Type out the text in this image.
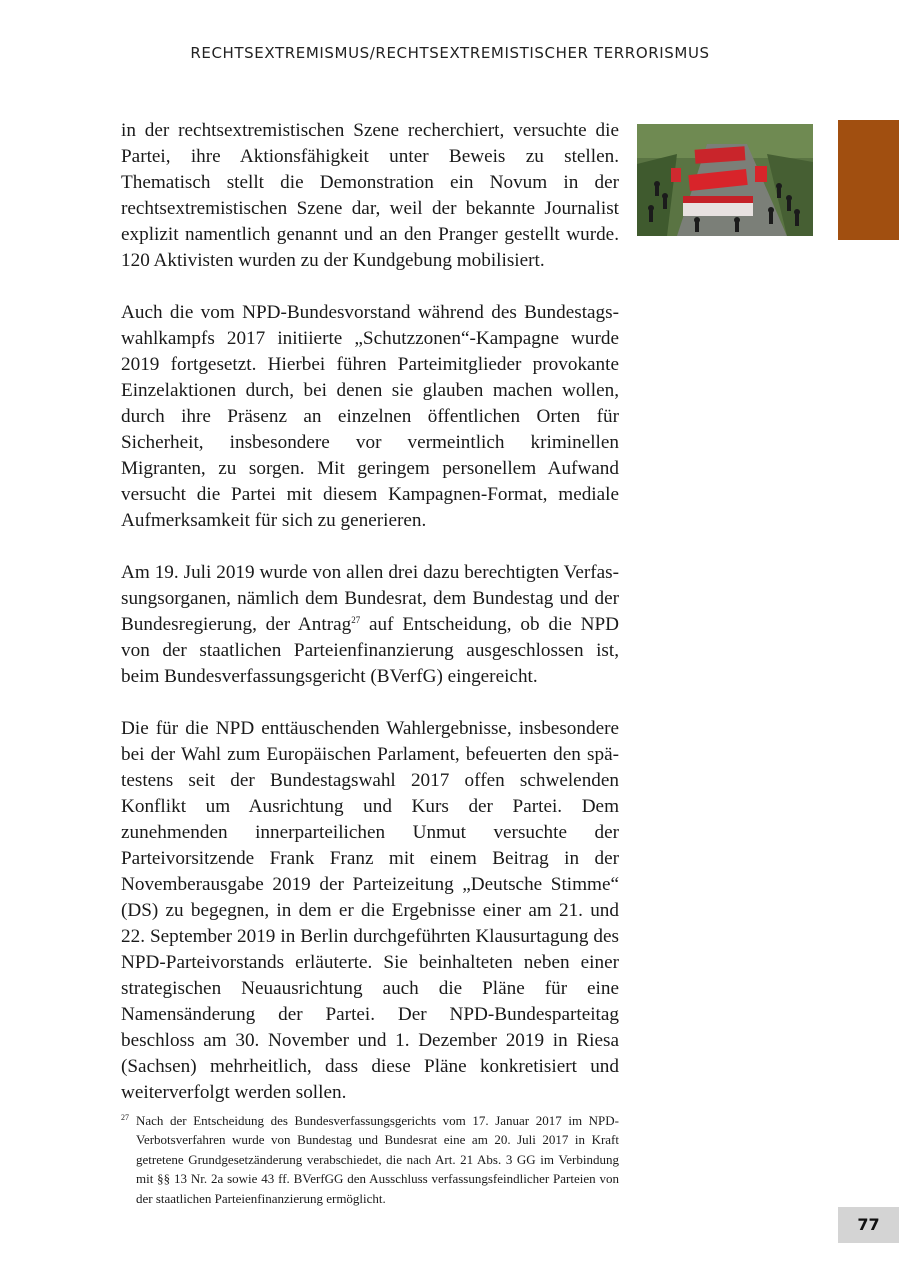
RECHTSEXTREMISMUS/RECHTSEXTREMISTISCHER TERRORISMUS

in der rechtsextremistischen Szene recherchiert, versuchte die Partei, ihre Aktionsfähigkeit unter Beweis zu stellen. Thematisch stellt die Demonstration ein Novum in der rechtsextremistischen Szene dar, weil der bekannte Journalist explizit namentlich genannt und an den Pranger gestellt wurde. 120 Aktivisten wurden zu der Kundgebung mobilisiert.

Auch die vom NPD-Bundesvorstand während des Bundestagswahlkampfs 2017 initiierte „Schutzzonen“-Kampagne wurde 2019 fortgesetzt. Hierbei führen Parteimitglieder provokante Einzelaktionen durch, bei denen sie glauben machen wollen, durch ihre Präsenz an einzelnen öffentlichen Orten für Sicherheit, insbesondere vor vermeintlich kriminellen Migranten, zu sorgen. Mit geringem personellem Aufwand versucht die Partei mit diesem Kampagnen-Format, mediale Aufmerksamkeit für sich zu generieren.

Am 19. Juli 2019 wurde von allen drei dazu berechtigten Verfassungsorganen, nämlich dem Bundesrat, dem Bundestag und der Bundesregierung, der Antrag$^{27}$ auf Entscheidung, ob die NPD von der staatlichen Parteienfinanzierung ausgeschlossen ist, beim Bundesverfassungsgericht (BVerfG) eingereicht.

Die für die NPD enttäuschenden Wahlergebnisse, insbesondere bei der Wahl zum Europäischen Parlament, befeuerten den spätestens seit der Bundestagswahl 2017 offen schwelenden Konflikt um Ausrichtung und Kurs der Partei. Dem zunehmenden innerparteilichen Unmut versuchte der Parteivorsitzende Frank Franz mit einem Beitrag in der Novemberausgabe 2019 der Parteizeitung „Deutsche Stimme“ (DS) zu begegnen, in dem er die Ergebnisse einer am 21. und 22. September 2019 in Berlin durchgeführten Klausurtagung des NPD-Parteivorstands erläuterte. Sie beinhalteten neben einer strategischen Neuausrichtung auch die Pläne für eine Namensänderung der Partei. Der NPD-Bundesparteitag beschloss am 30. November und 1. Dezember 2019 in Riesa (Sachsen) mehrheitlich, dass diese Pläne konkretisiert und weiterverfolgt werden sollen.

27 Nach der Entscheidung des Bundesverfassungsgerichts vom 17. Januar 2017 im NPD-Verbotsverfahren wurde von Bundestag und Bundesrat eine am 20. Juli 2017 in Kraft getretene Grundgesetzänderung verabschiedet, die nach Art. 21 Abs. 3 GG im Verbindung mit §§ 13 Nr. 2a sowie 43 ff. BVerfGG den Ausschluss verfassungsfeindlicher Parteien von der staatlichen Parteienfinanzierung ermöglicht.
77
